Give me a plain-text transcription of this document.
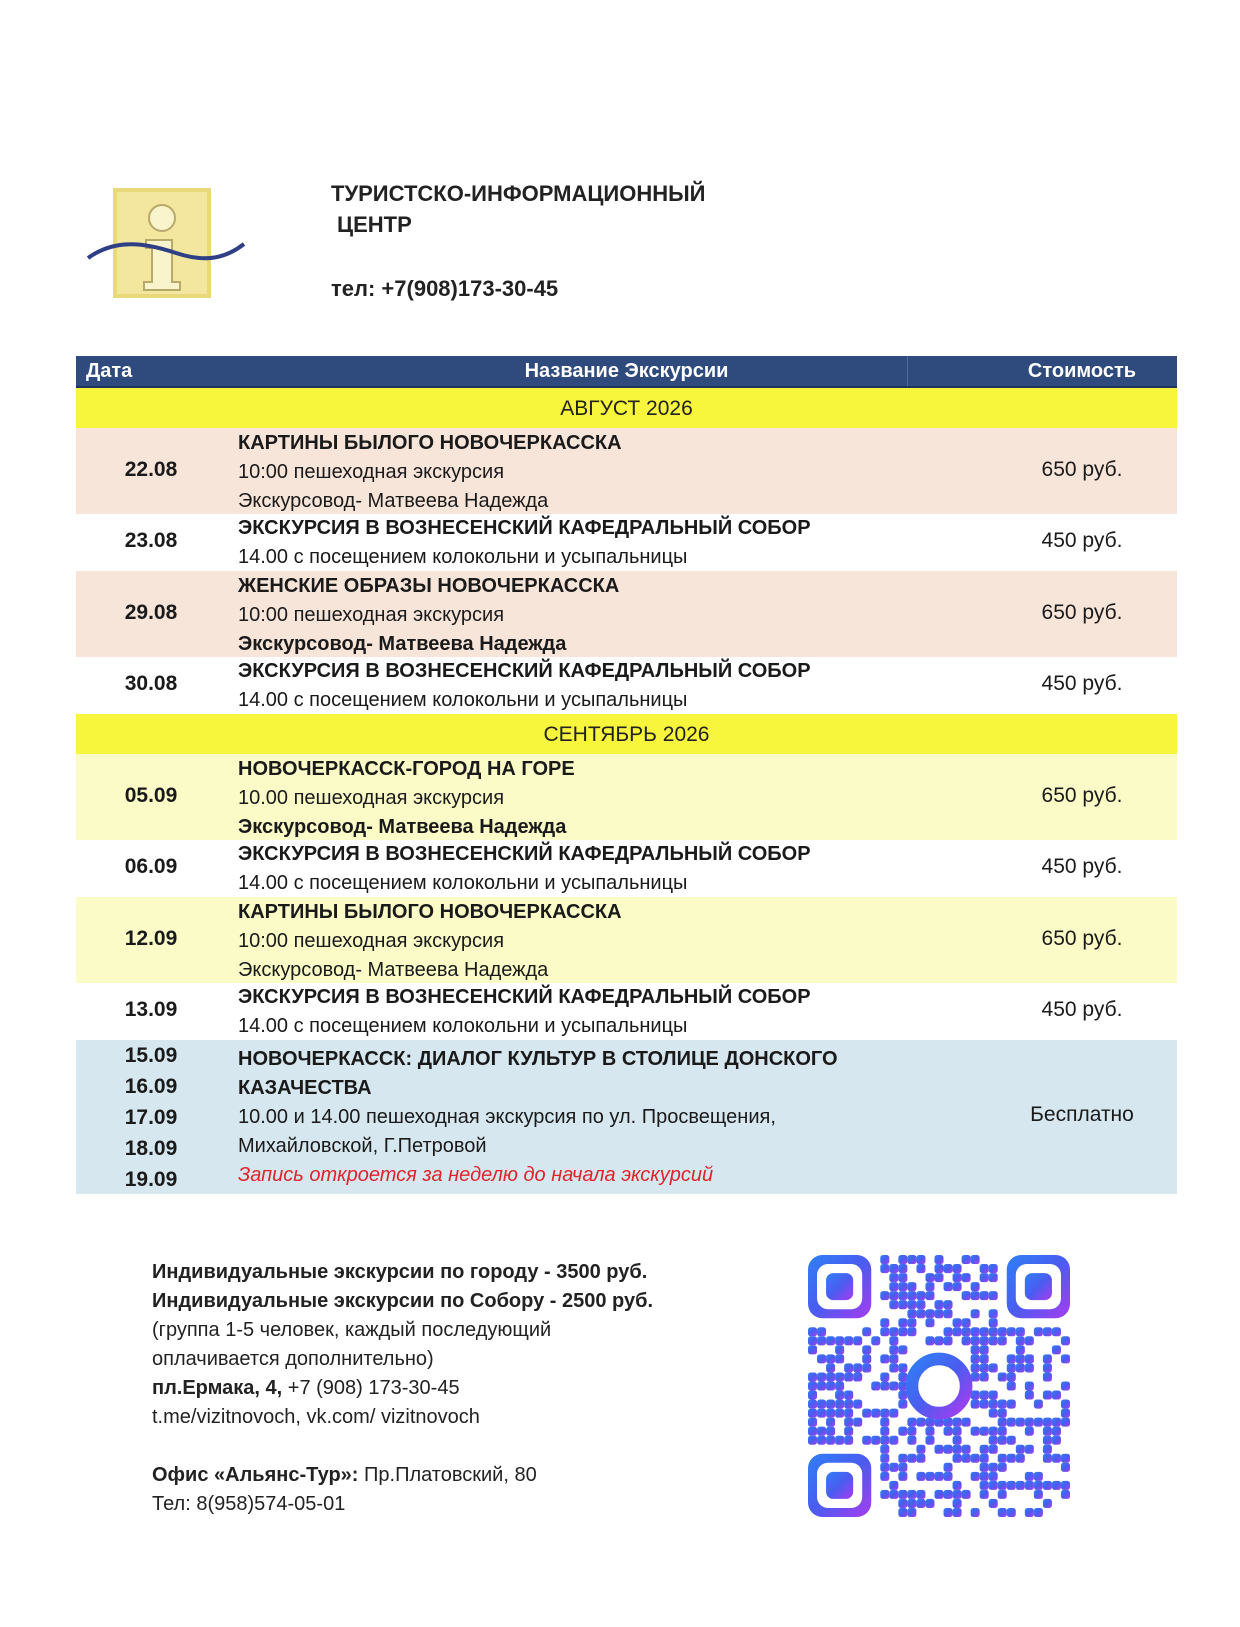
ТУРИСТСКО-ИНФОРМАЦИОННЫЙ
ЦЕНТР
тел: +7(908)173-30-45
Название Экскурсии
Дата	Стоимость
АВГУСТ 2026
22.08
КАРТИНЫ БЫЛОГО НОВОЧЕРКАССКА
10:00 пешеходная экскурсия
Экскурсовод- Матвеева Надежда
650 руб.
23.08
ЭКСКУРСИЯ В ВОЗНЕСЕНСКИЙ КАФЕДРАЛЬНЫЙ СОБОР
14.00 с посещением колокольни и усыпальницы
450 руб.
29.08
ЖЕНСКИЕ ОБРАЗЫ НОВОЧЕРКАССКА
10:00 пешеходная экскурсия
Экскурсовод- Матвеева Надежда
650 руб.
30.08
ЭКСКУРСИЯ В ВОЗНЕСЕНСКИЙ КАФЕДРАЛЬНЫЙ СОБОР
14.00 с посещением колокольни и усыпальницы
450 руб.
СЕНТЯБРЬ 2026
05.09
НОВОЧЕРКАССК-ГОРОД НА ГОРЕ
10.00 пешеходная экскурсия
Экскурсовод- Матвеева Надежда
650 руб.
06.09
ЭКСКУРСИЯ В ВОЗНЕСЕНСКИЙ КАФЕДРАЛЬНЫЙ СОБОР
14.00 с посещением колокольни и усыпальницы
450 руб.
12.09
КАРТИНЫ БЫЛОГО НОВОЧЕРКАССКА
10:00 пешеходная экскурсия
Экскурсовод- Матвеева Надежда
650 руб.
13.09
ЭКСКУРСИЯ В ВОЗНЕСЕНСКИЙ КАФЕДРАЛЬНЫЙ СОБОР
14.00 с посещением колокольни и усыпальницы
450 руб.
15.09
16.09
17.09
18.09
19.09
НОВОЧЕРКАССК: ДИАЛОГ КУЛЬТУР В СТОЛИЦЕ ДОНСКОГО
КАЗАЧЕСТВА
10.00 и 14.00 пешеходная экскурсия по ул. Просвещения,
Михайловской, Г.Петровой
Запись откроется за неделю до начала экскурсий
Бесплатно
Индивидуальные экскурсии по городу - 3500 руб.
Индивидуальные экскурсии по Собору - 2500 руб.
(группа 1-5 человек, каждый последующий
оплачивается дополнительно)
пл.Ермака, 4, +7 (908) 173-30-45
t.me/vizitnovoch, vk.com/ vizitnovoch
Офис «Альянс-Тур»: Пр.Платовский, 80
Тел: 8(958)574-05-01
